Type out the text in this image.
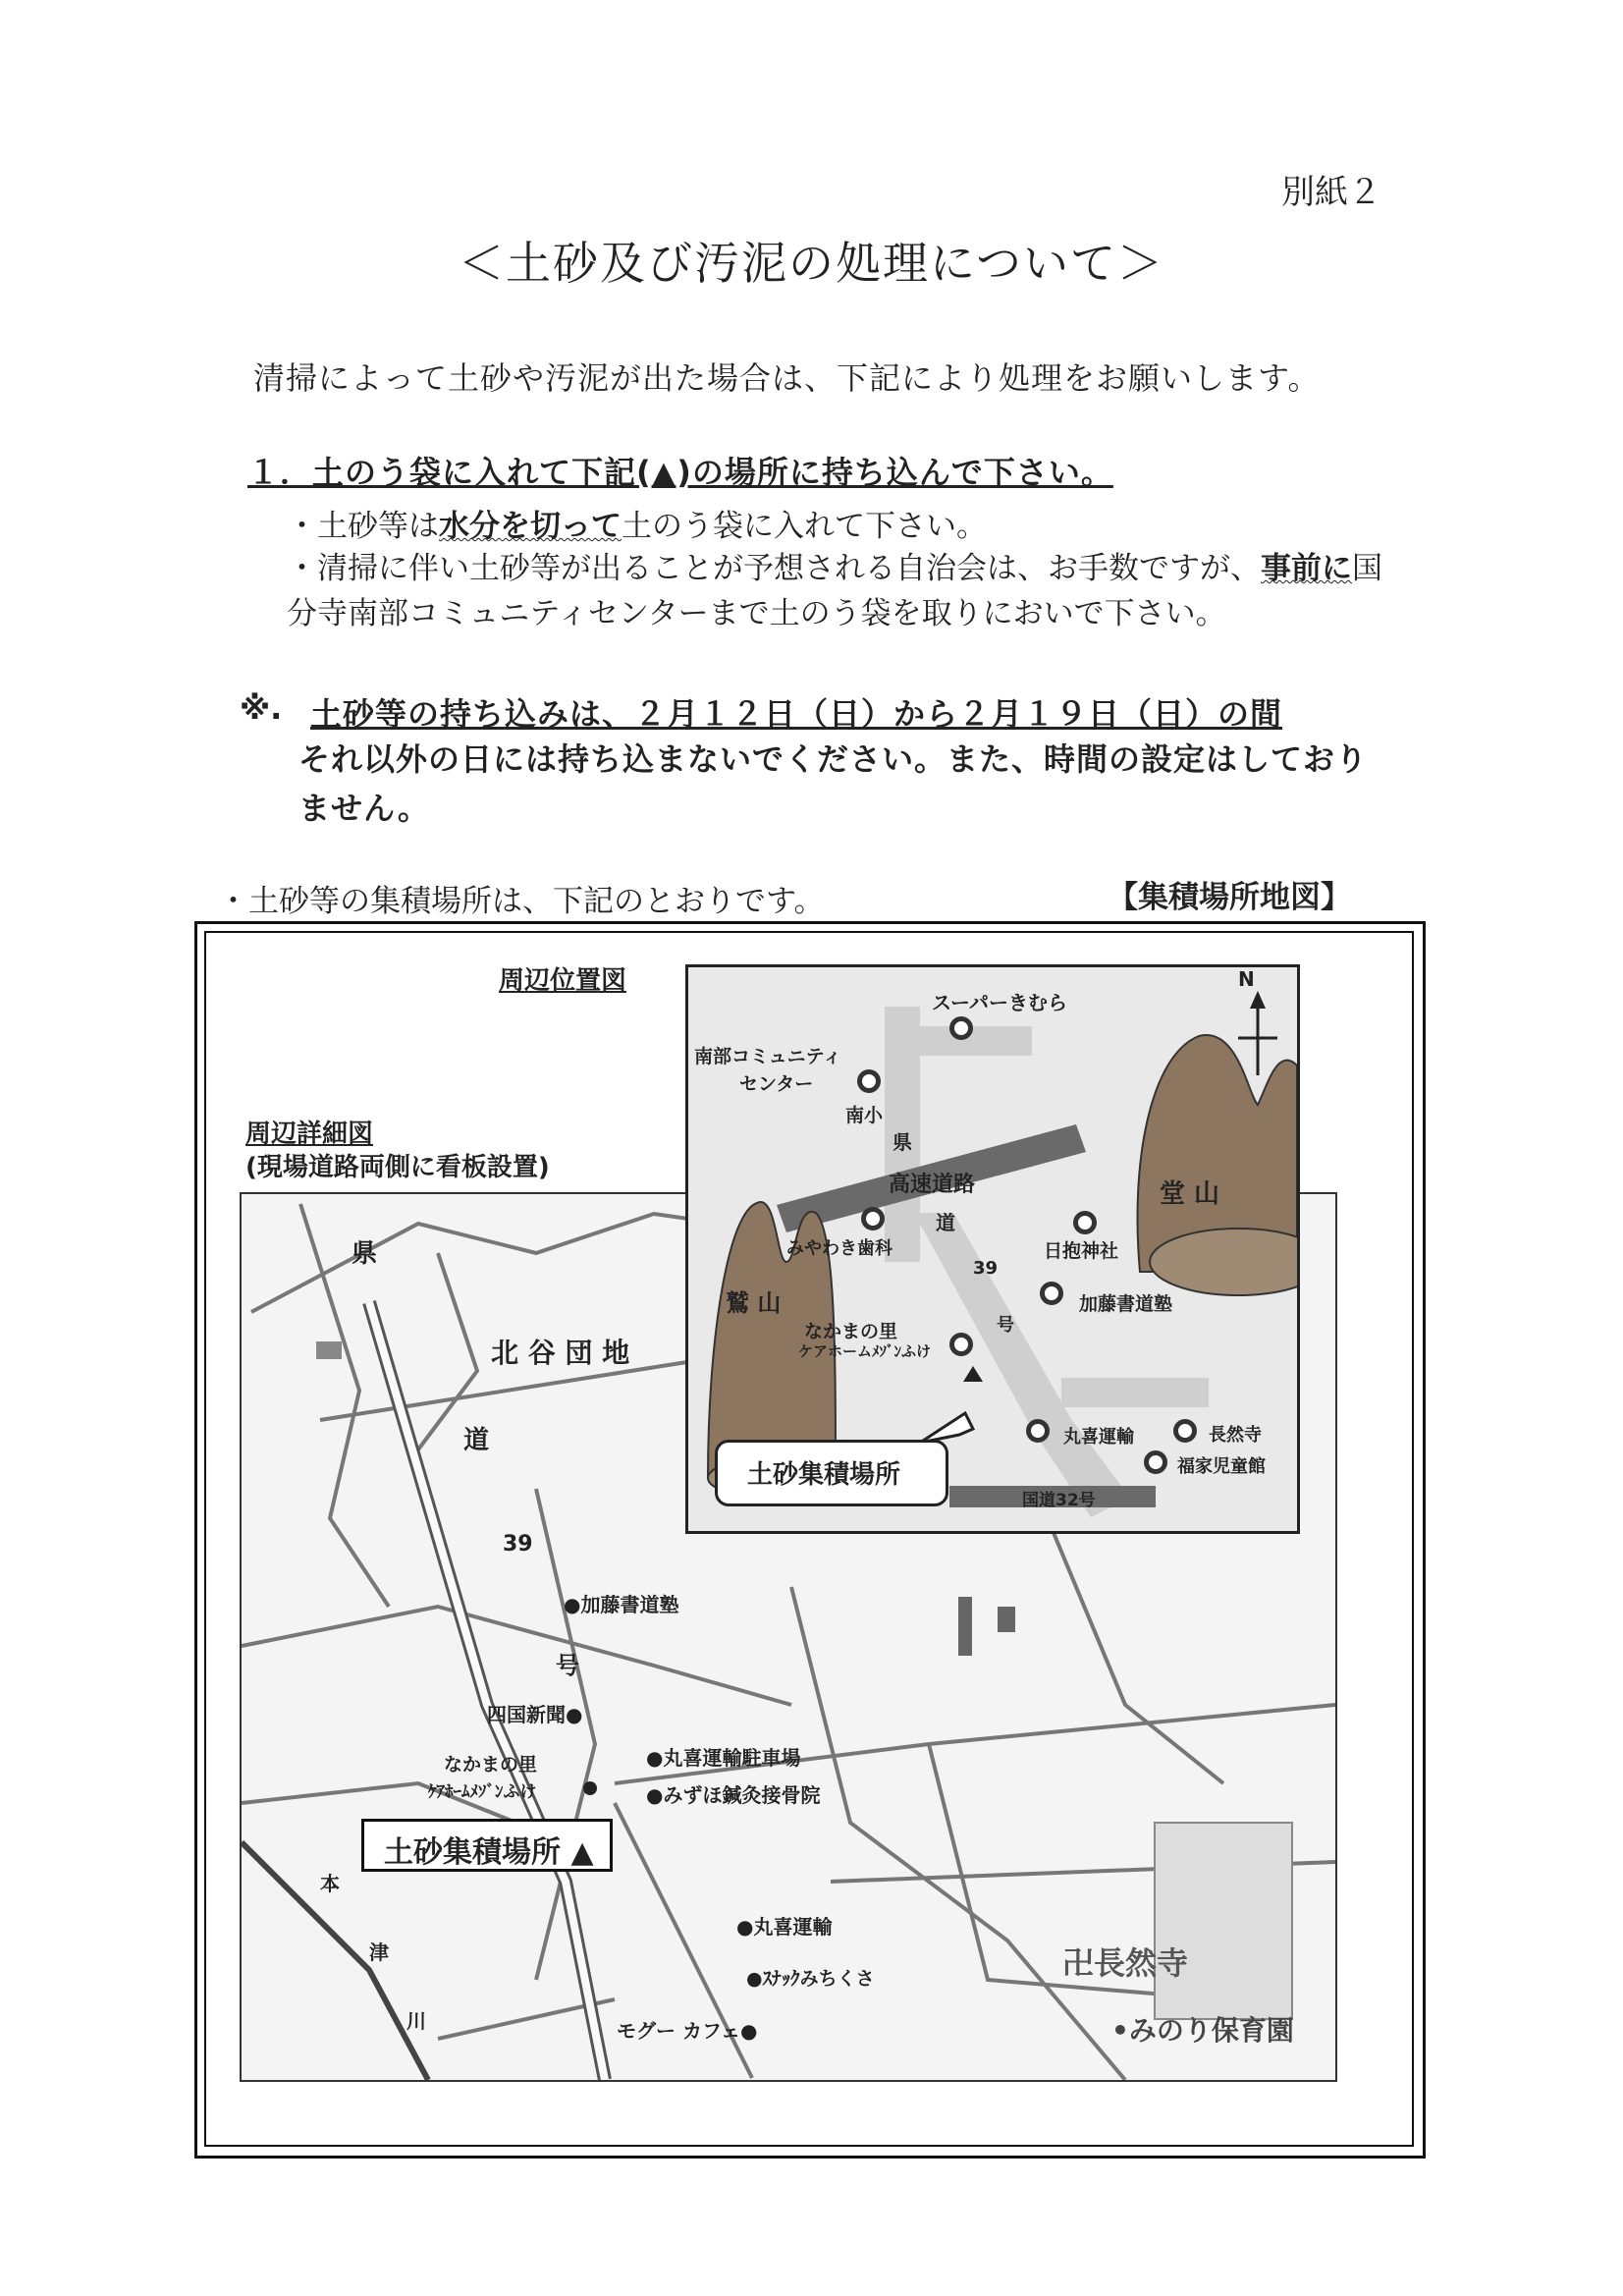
別紙２
＜土砂及び汚泥の処理について＞
清掃によって土砂や汚泥が出た場合は、下記により処理をお願いします。
１．土のう袋に入れて下記(▲)の場所に持ち込んで下さい。
・土砂等は水分を切って土のう袋に入れて下さい。
・清掃に伴い土砂等が出ることが予想される自治会は、お手数ですが、事前に国分寺南部コミュニティセンターまで土のう袋を取りにおいで下さい。
※. 土砂等の持ち込みは、２月１２日（日）から２月１９日（日）の間
それ以外の日には持ち込まないでください。また、時間の設定はしておりません。
・土砂等の集積場所は、下記のとおりです。	【集積場所地図】
周辺詳細図
(現場道路両側に看板設置)
県
北 谷 団 地
道
39
●加藤書道塾
号
四国新聞●
なかまの里
ｹｱﾎｰﾑﾒｿﾞﾝふけ
●丸喜運輸駐車場
●みずほ鍼灸接骨院
●丸喜運輸
●ｽﾅｯｸみちくさ
モグー カフェ●
本
津
川
卍長然寺
•みのり保育園
土砂集積場所 ▲
周辺位置図	N
スーパーきむら
南部コミュニティ
センター
南小
県
高速道路
道
みやわき歯科
39
号
日抱神社
加藤書道塾
なかまの里
ケアホームﾒｿﾞﾝふけ
丸喜運輸	長然寺
福家児童館
国道32号
鷲 山
堂 山
土砂集積場所
